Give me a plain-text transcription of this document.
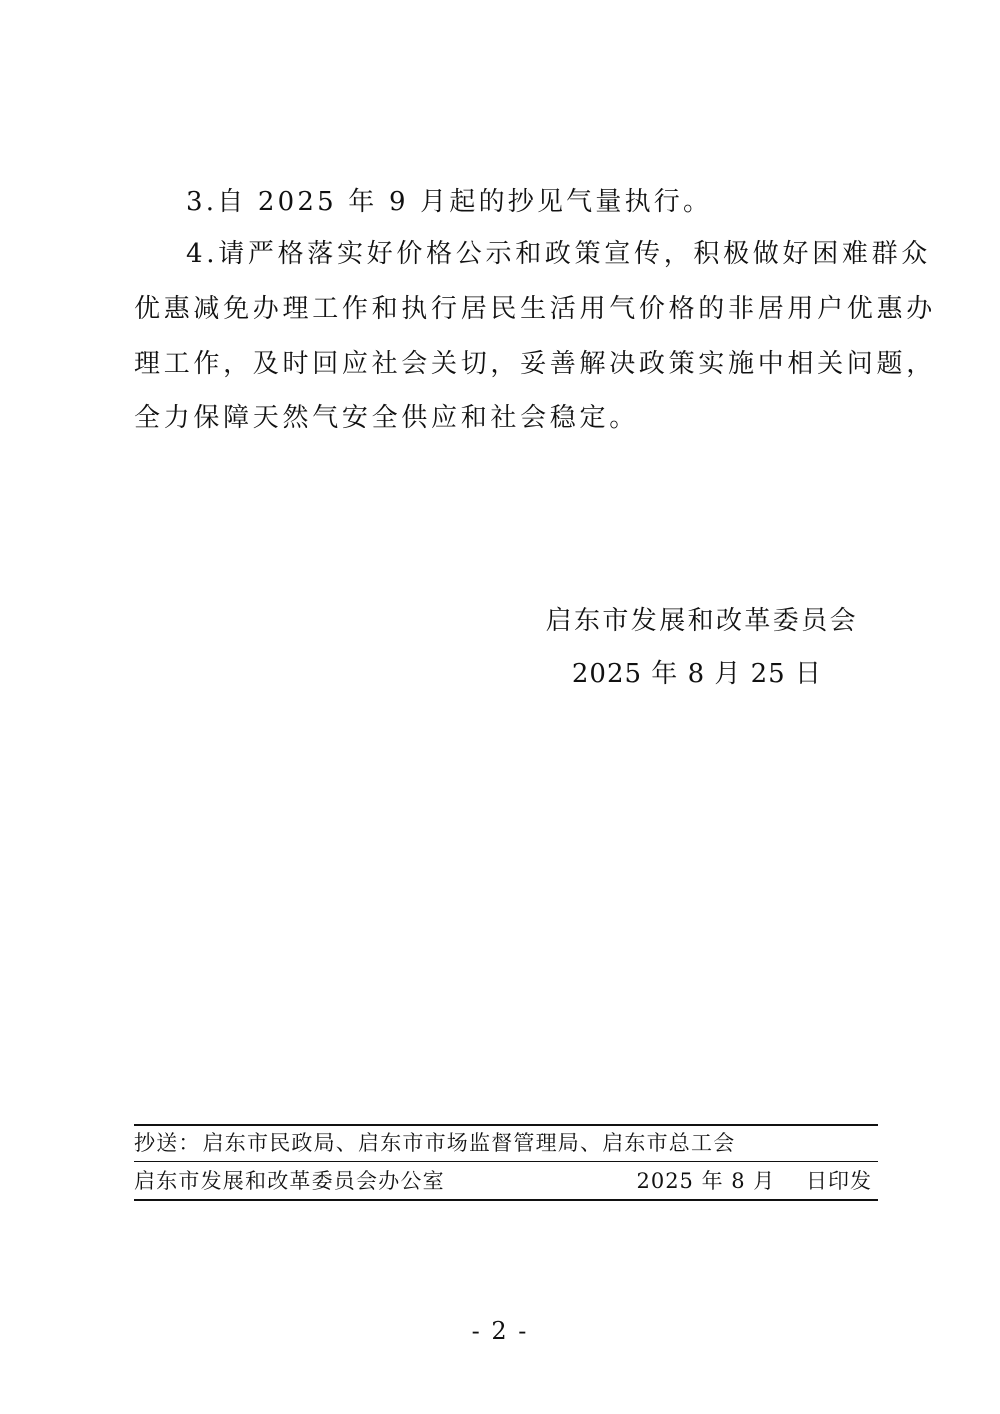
3.自 2025 年 9 月起的抄见气量执行。
4.请严格落实好价格公示和政策宣传，积极做好困难群众
优惠减免办理工作和执行居民生活用气价格的非居用户优惠办
理工作，及时回应社会关切，妥善解决政策实施中相关问题，
全力保障天然气安全供应和社会稳定。
启东市发展和改革委员会
2025 年 8 月 25 日
抄送：启东市民政局、启东市市场监督管理局、启东市总工会
启东市发展和改革委员会办公室	2025 年 8 月    日印发
- 2 -
